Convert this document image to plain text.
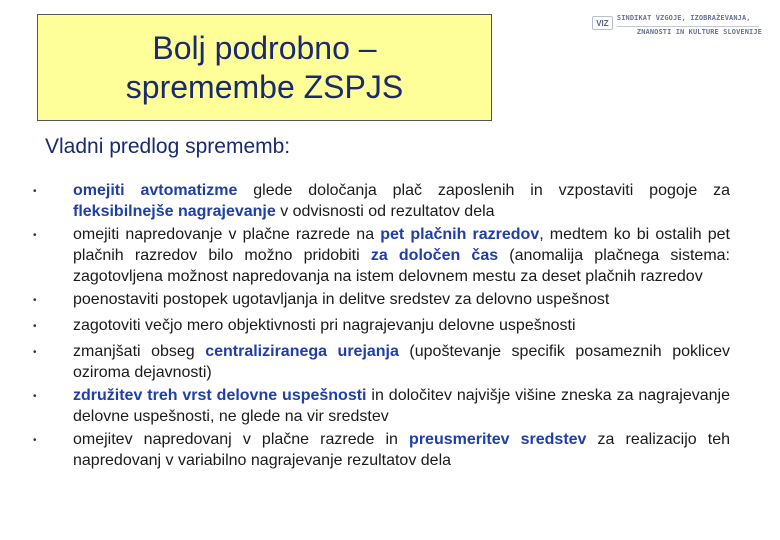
Bolj podrobno –
spremembe ZSPJS
VIZ
SINDIKAT VZGOJE, IZOBRAŽEVANJA,
ZNANOSTI IN KULTURE SLOVENIJE
Vladni predlog sprememb:
•	omejiti avtomatizme glede določanja plač zaposlenih in vzpostaviti pogoje za fleksibilnejše nagrajevanje v odvisnosti od rezultatov dela
•	omejiti napredovanje v plačne razrede na pet plačnih razredov, medtem ko bi ostalih pet plačnih razredov bilo možno pridobiti za določen čas (anomalija plačnega sistema: zagotovljena možnost napredovanja na istem delovnem mestu za deset plačnih razredov
•	poenostaviti postopek ugotavljanja in delitve sredstev za delovno uspešnost
•	zagotoviti večjo mero objektivnosti pri nagrajevanju delovne uspešnosti
•	zmanjšati obseg centraliziranega urejanja (upoštevanje specifik posameznih poklicev oziroma dejavnosti)
•	združitev treh vrst delovne uspešnosti in določitev najvišje višine zneska za nagrajevanje delovne uspešnosti, ne glede na vir sredstev
•	omejitev napredovanj v plačne razrede in preusmeritev sredstev za realizacijo teh napredovanj v variabilno nagrajevanje rezultatov dela
